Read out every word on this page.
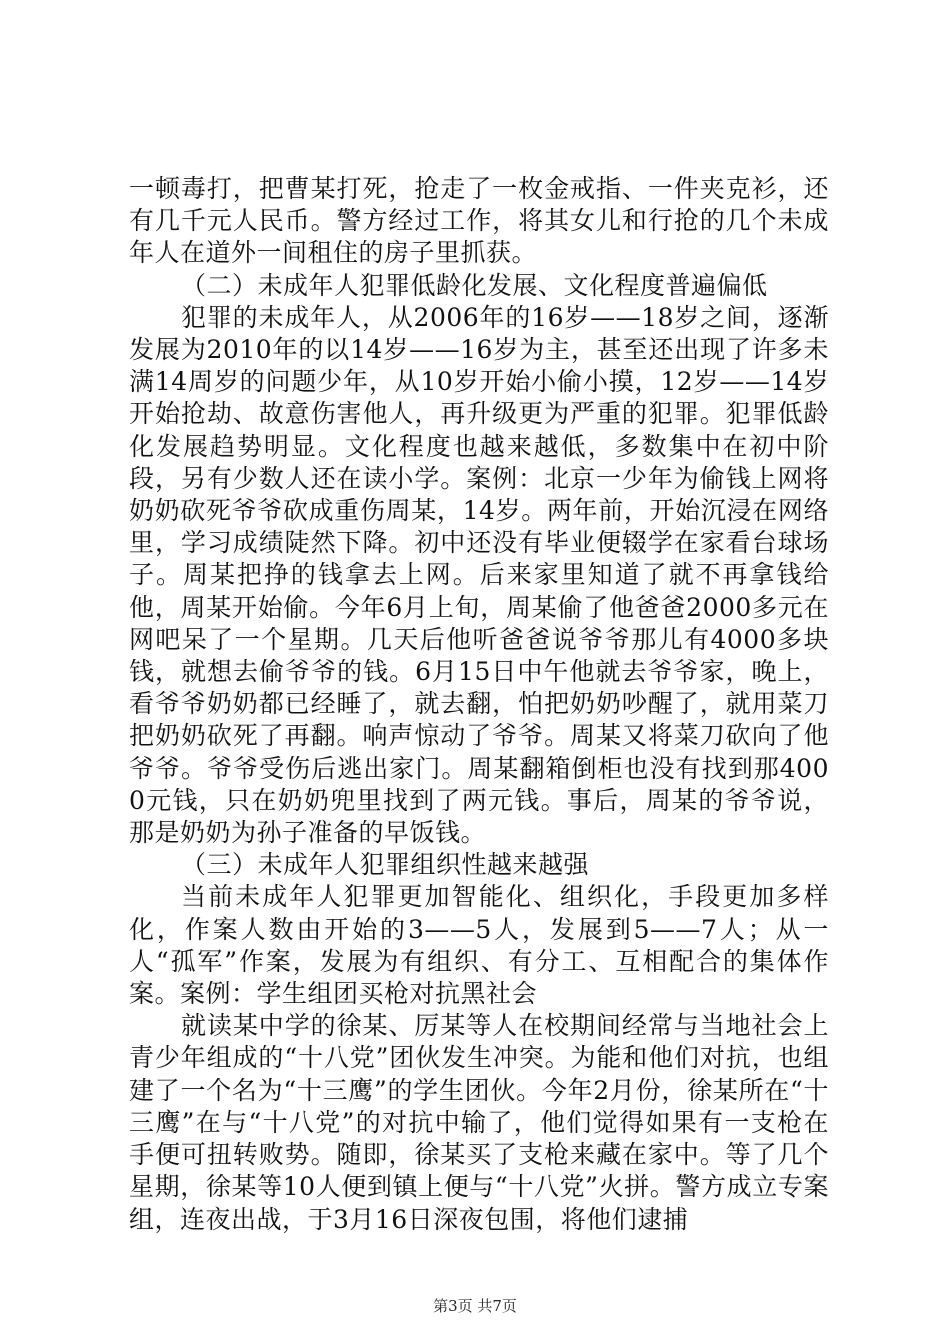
一顿毒打，把曹某打死，抢走了一枚金戒指、一件夹克衫，还有几千元人民币。警方经过工作，将其女儿和行抢的几个未成年人在道外一间租住的房子里抓获。

（二）未成年人犯罪低龄化发展、文化程度普遍偏低

犯罪的未成年人，从2006年的16岁——18岁之间，逐渐发展为2010年的以14岁——16岁为主，甚至还出现了许多未满14周岁的问题少年，从10岁开始小偷小摸，12岁——14岁开始抢劫、故意伤害他人，再升级更为严重的犯罪。犯罪低龄化发展趋势明显。文化程度也越来越低，多数集中在初中阶段，另有少数人还在读小学。案例：北京一少年为偷钱上网将奶奶砍死爷爷砍成重伤周某，14岁。两年前，开始沉浸在网络里，学习成绩陡然下降。初中还没有毕业便辍学在家看台球场子。周某把挣的钱拿去上网。后来家里知道了就不再拿钱给他，周某开始偷。今年6月上旬，周某偷了他爸爸2000多元在网吧呆了一个星期。几天后他听爸爸说爷爷那儿有4000多块钱，就想去偷爷爷的钱。6月15日中午他就去爷爷家，晚上，看爷爷奶奶都已经睡了，就去翻，怕把奶奶吵醒了，就用菜刀把奶奶砍死了再翻。响声惊动了爷爷。周某又将菜刀砍向了他爷爷。爷爷受伤后逃出家门。周某翻箱倒柜也没有找到那4000元钱，只在奶奶兜里找到了两元钱。事后，周某的爷爷说，那是奶奶为孙子准备的早饭钱。

（三）未成年人犯罪组织性越来越强

当前未成年人犯罪更加智能化、组织化，手段更加多样化，作案人数由开始的3——5人，发展到5——7人；从一人“孤军”作案，发展为有组织、有分工、互相配合的集体作案。案例：学生组团买枪对抗黑社会

就读某中学的徐某、厉某等人在校期间经常与当地社会上青少年组成的“十八党”团伙发生冲突。为能和他们对抗，也组建了一个名为“十三鹰”的学生团伙。今年2月份，徐某所在“十三鹰”在与“十八党”的对抗中输了，他们觉得如果有一支枪在手便可扭转败势。随即，徐某买了支枪来藏在家中。等了几个星期，徐某等10人便到镇上便与“十八党”火拼。警方成立专案组，连夜出战，于3月16日深夜包围，将他们逮捕

第3页 共7页
